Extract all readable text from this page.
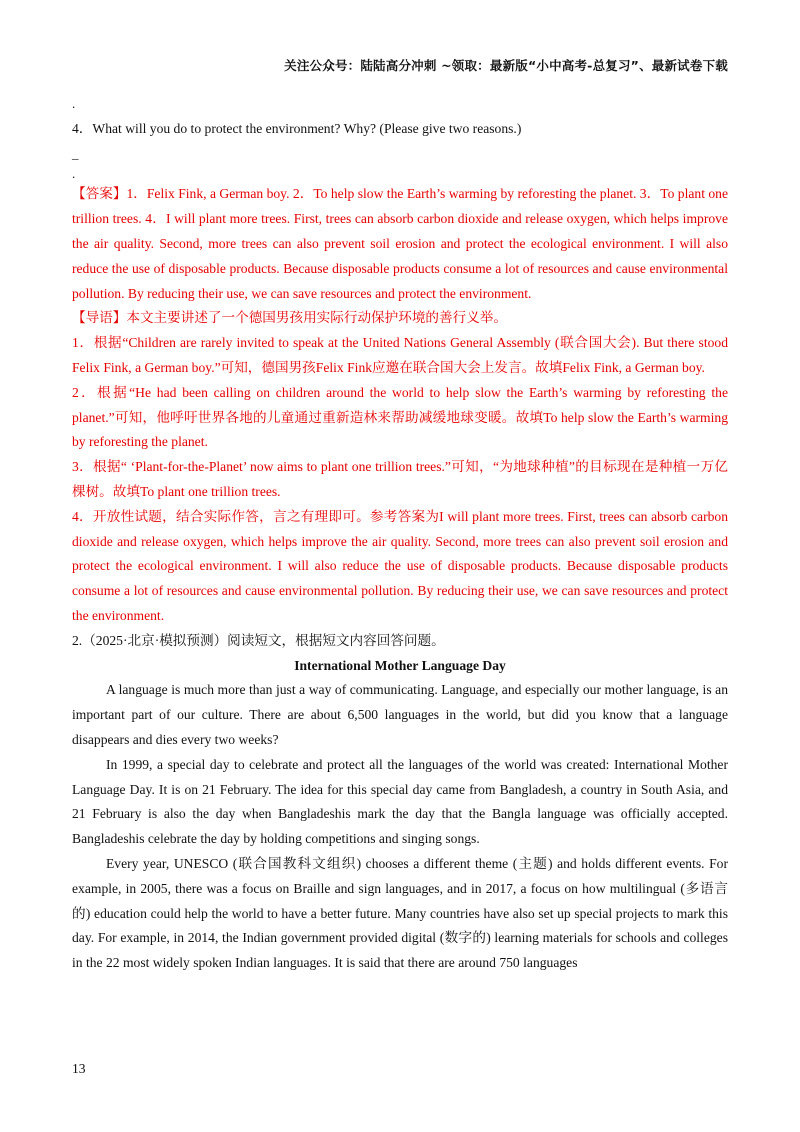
关注公众号：陆陆高分冲刺 ~领取：最新版“小中高考-总复习”、最新试卷下载
.

4．What will you do to protect the environment? Why? (Please give two reasons.)

_
.

【答案】1．Felix Fink, a German boy. 2．To help slow the Earth’s warming by reforesting the planet. 3．To plant one trillion trees. 4．I will plant more trees. First, trees can absorb carbon dioxide and release oxygen, which helps improve the air quality. Second, more trees can also prevent soil erosion and protect the ecological environment. I will also reduce the use of disposable products. Because disposable products consume a lot of resources and cause environmental pollution. By reducing their use, we can save resources and protect the environment.

【导语】本文主要讲述了一个德国男孩用实际行动保护环境的善行义举。

1．根据“Children are rarely invited to speak at the United Nations General Assembly (联合国大会). But there stood Felix Fink, a German boy.”可知，德国男孩Felix Fink应邀在联合国大会上发言。故填Felix Fink, a German boy.

2．根据“He had been calling on children around the world to help slow the Earth’s warming by reforesting the planet.”可知，他呼吁世界各地的儿童通过重新造林来帮助减缓地球变暖。故填To help slow the Earth’s warming by reforesting the planet.

3．根据“ ‘Plant-for-the-Planet’ now aims to plant one trillion trees.”可知，“为地球种植”的目标现在是种植一万亿棵树。故填To plant one trillion trees.

4．开放性试题，结合实际作答，言之有理即可。参考答案为I will plant more trees. First, trees can absorb carbon dioxide and release oxygen, which helps improve the air quality. Second, more trees can also prevent soil erosion and protect the ecological environment. I will also reduce the use of disposable products. Because disposable products consume a lot of resources and cause environmental pollution. By reducing their use, we can save resources and protect the environment.

2.（2025·北京·模拟预测）阅读短文，根据短文内容回答问题。

International Mother Language Day

A language is much more than just a way of communicating. Language, and especially our mother language, is an important part of our culture. There are about 6,500 languages in the world, but did you know that a language disappears and dies every two weeks?

In 1999, a special day to celebrate and protect all the languages of the world was created: International Mother Language Day. It is on 21 February. The idea for this special day came from Bangladesh, a country in South Asia, and 21 February is also the day when Bangladeshis mark the day that the Bangla language was officially accepted. Bangladeshis celebrate the day by holding competitions and singing songs.

Every year, UNESCO (联合国教科文组织) chooses a different theme (主题) and holds different events. For example, in 2005, there was a focus on Braille and sign languages, and in 2017, a focus on how multilingual (多语言的) education could help the world to have a better future. Many countries have also set up special projects to mark this day. For example, in 2014, the Indian government provided digital (数字的) learning materials for schools and colleges in the 22 most widely spoken Indian languages. It is said that there are around 750 languages

13
